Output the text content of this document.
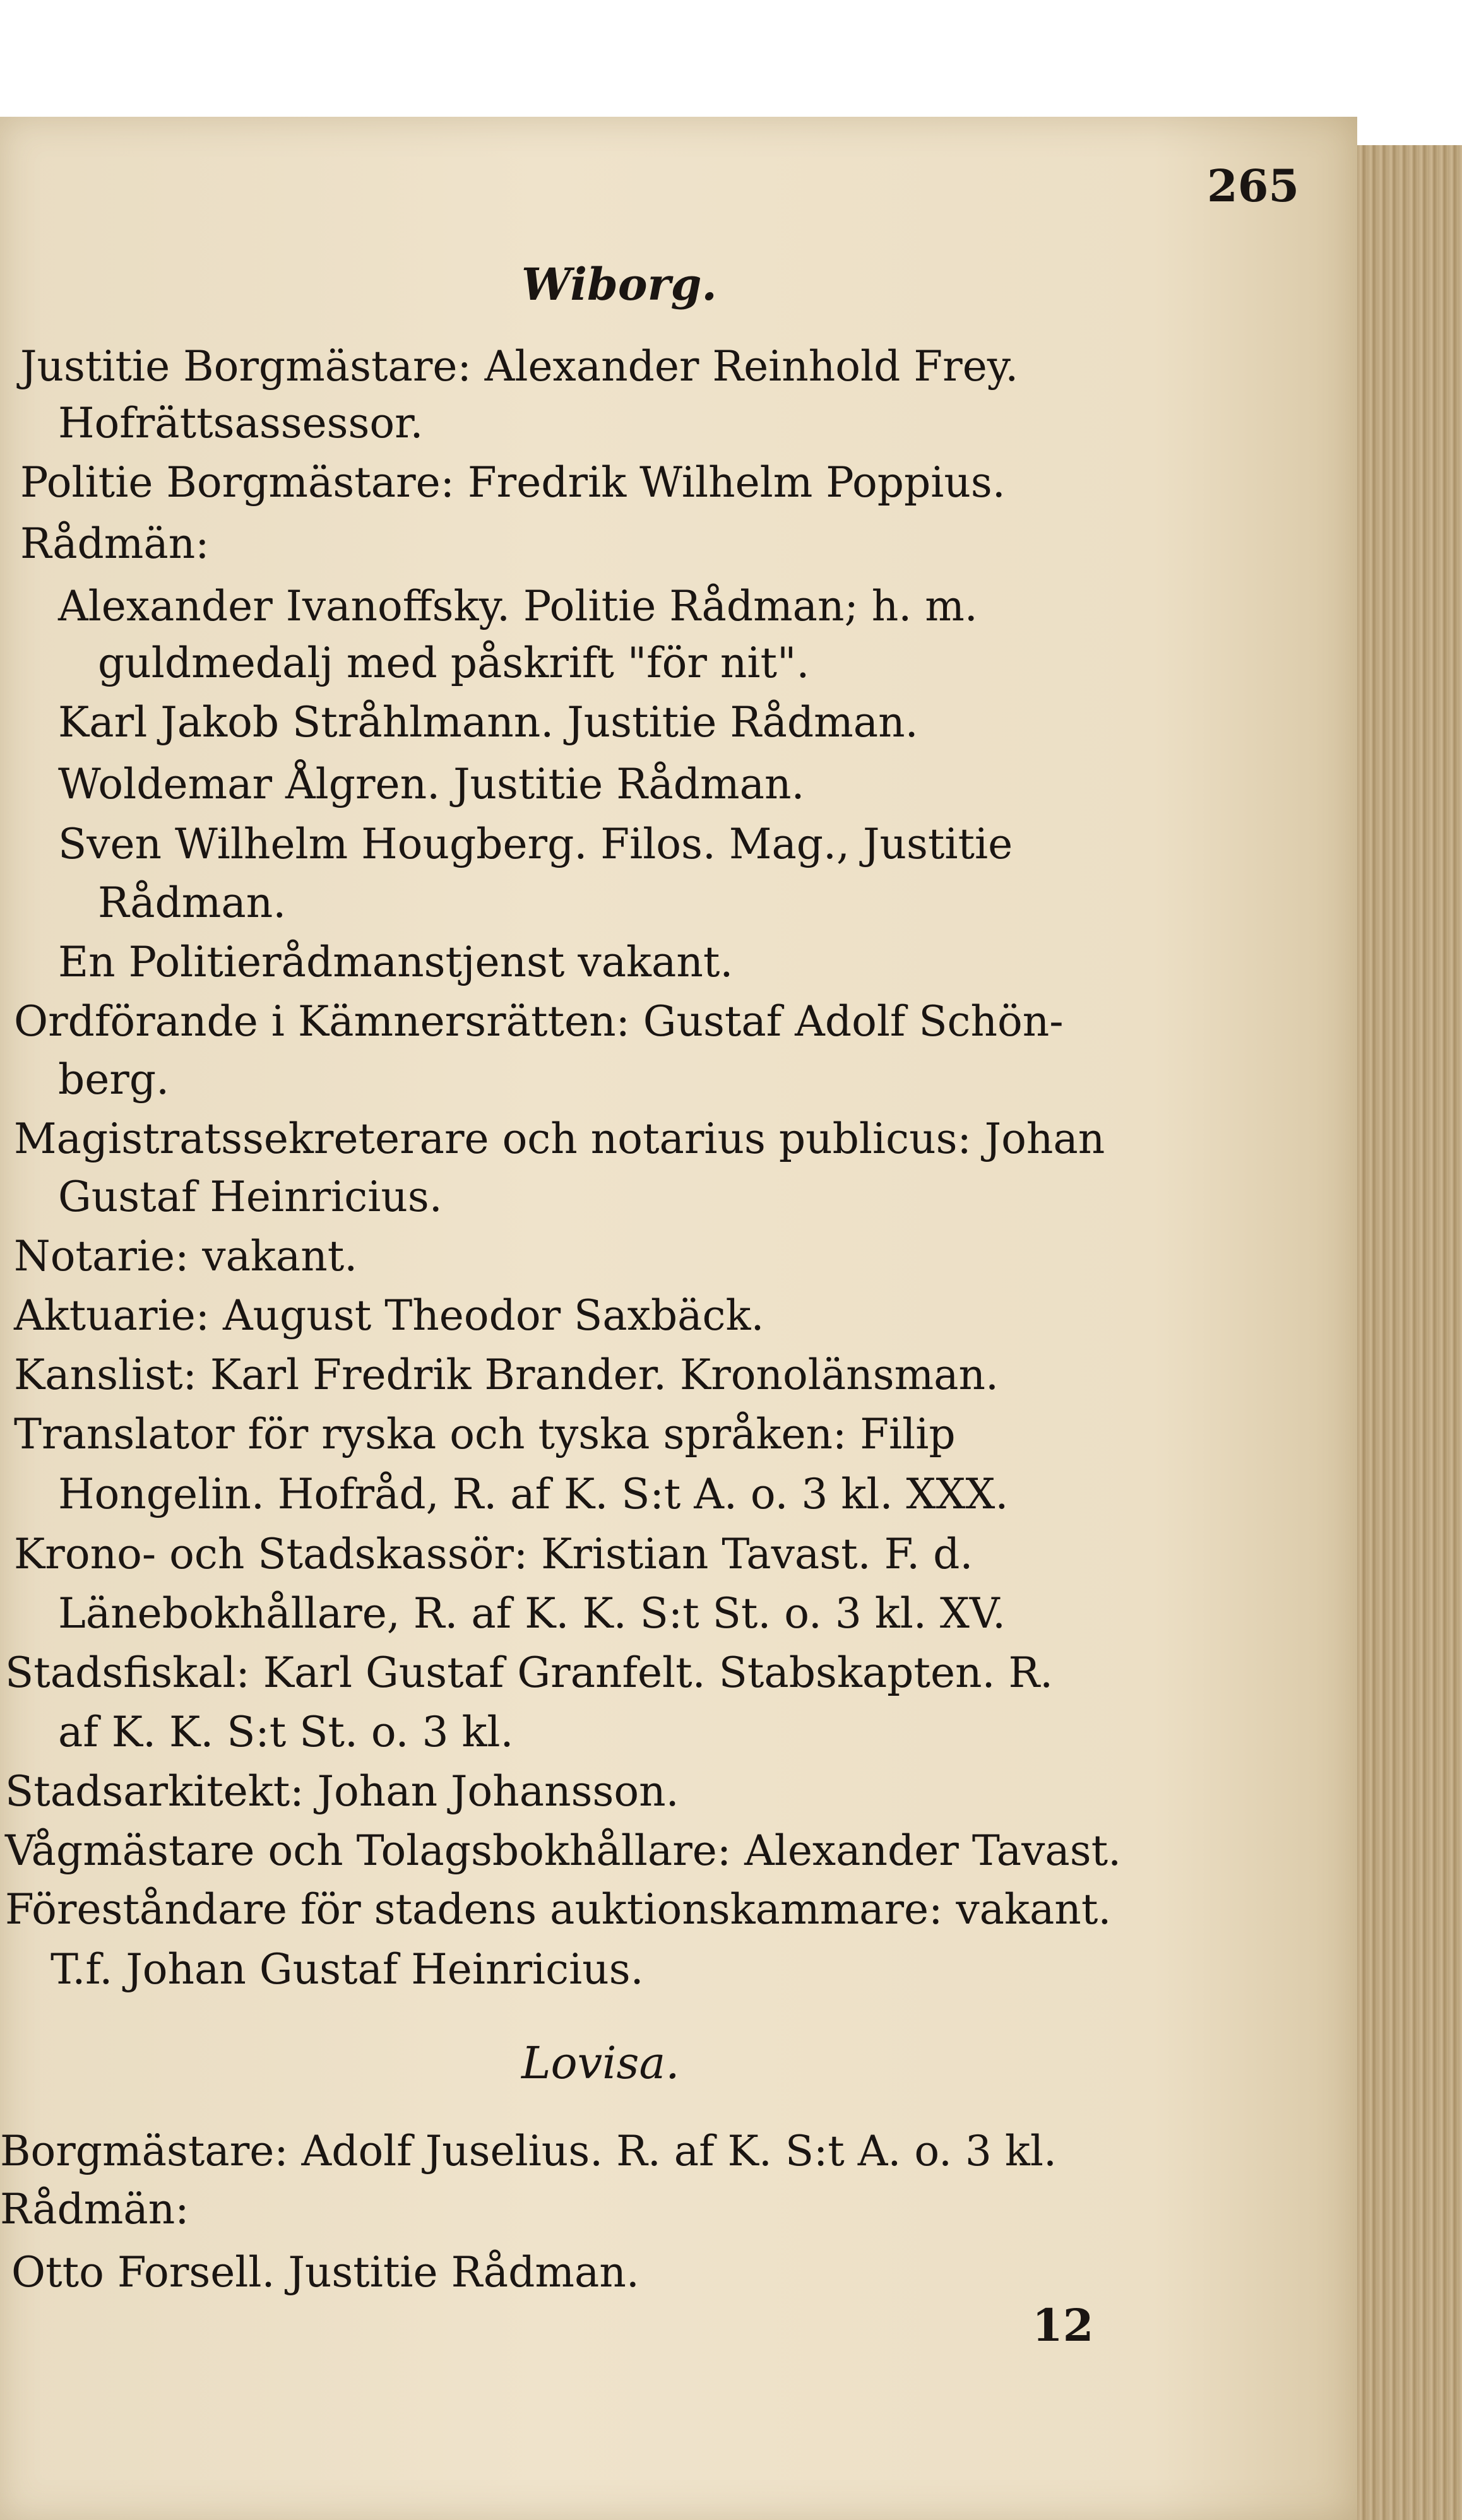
265
Wiborg.
Justitie Borgmästare: Alexander Reinhold Frey.
Hofrättsassessor.
Politie Borgmästare: Fredrik Wilhelm Poppius.
Rådmän:
Alexander Ivanoffsky. Politie Rådman; h. m.
guldmedalj med påskrift "för nit".
Karl Jakob Stråhlmann. Justitie Rådman.
Woldemar Ålgren. Justitie Rådman.
Sven Wilhelm Hougberg. Filos. Mag., Justitie
Rådman.
En Politierådmanstjenst vakant.
Ordförande i Kämnersrätten: Gustaf Adolf Schön-
berg.
Magistratssekreterare och notarius publicus: Johan
Gustaf Heinricius.
Notarie: vakant.
Aktuarie: August Theodor Saxbäck.
Kanslist: Karl Fredrik Brander. Kronolänsman.
Translator för ryska och tyska språken: Filip
Hongelin. Hofråd, R. af K. S:t A. o. 3 kl. XXX.
Krono- och Stadskassör: Kristian Tavast. F. d.
Länebokhållare, R. af K. K. S:t St. o. 3 kl. XV.
Stadsfiskal: Karl Gustaf Granfelt. Stabskapten. R.
af K. K. S:t St. o. 3 kl.
Stadsarkitekt: Johan Johansson.
Vågmästare och Tolagsbokhållare: Alexander Tavast.
Föreståndare för stadens auktionskammare: vakant.
T.f. Johan Gustaf Heinricius.
Lovisa.
Borgmästare: Adolf Juselius. R. af K. S:t A. o. 3 kl.
Rådmän:
Otto Forsell. Justitie Rådman.
12
